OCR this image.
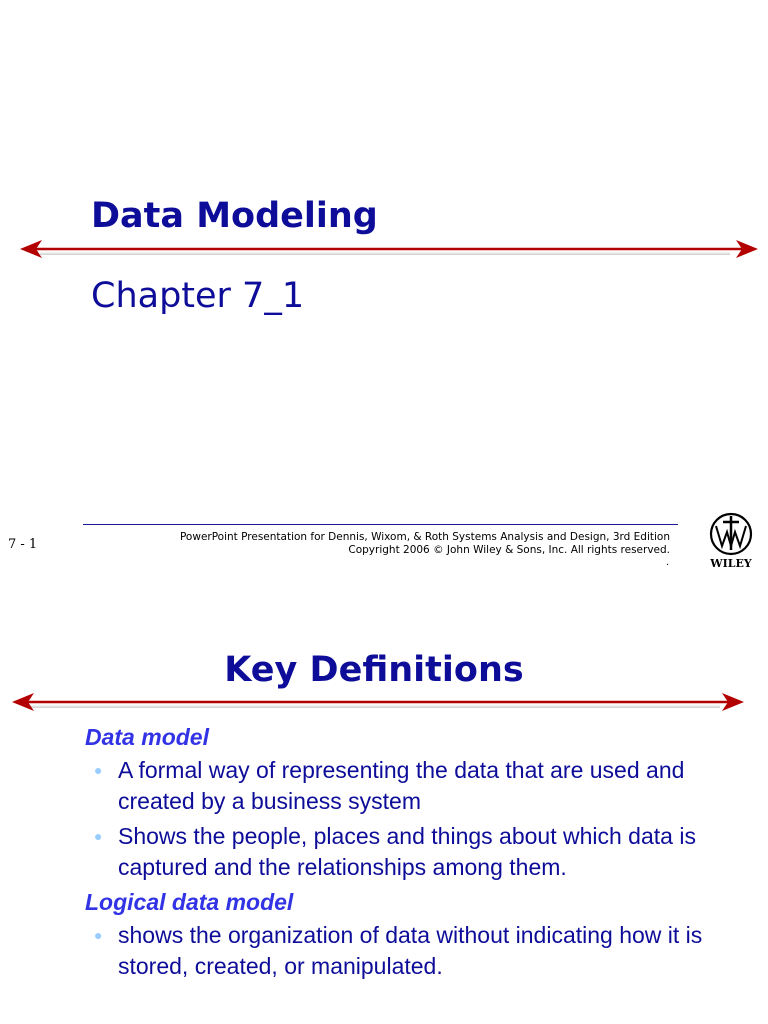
Data Modeling
Chapter 7_1
7 - 1	PowerPoint Presentation for Dennis, Wixom, & Roth Systems Analysis and Design, 3rd Edition
Copyright 2006 © John Wiley & Sons, Inc. All rights reserved.
.	WILEY
Key Definitions
Data model
● A formal way of representing the data that are used and created by a business system
● Shows the people, places and things about which data is captured and the relationships among them.
Logical data model
● shows the organization of data without indicating how it is stored, created, or manipulated.
